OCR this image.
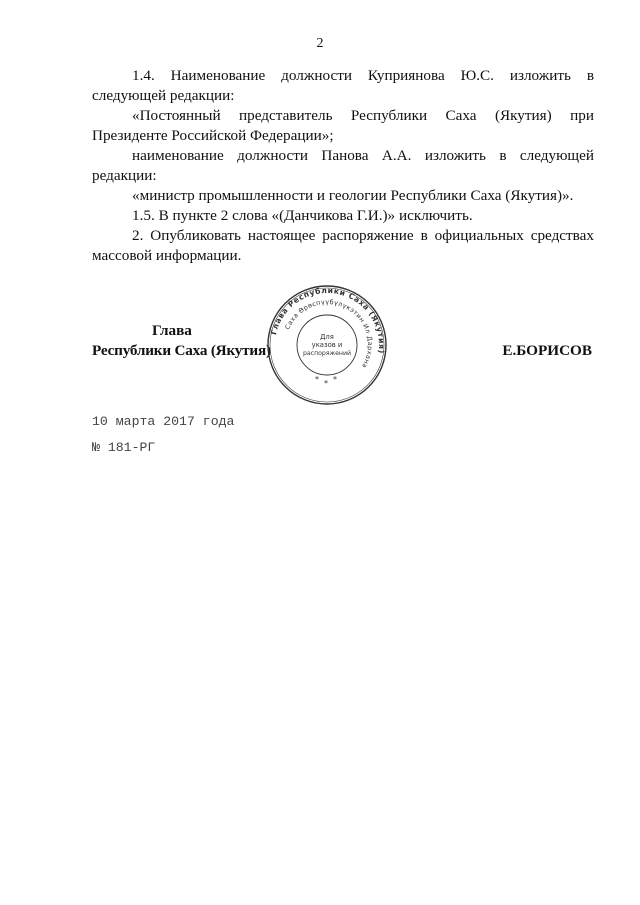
2

1.4. Наименование должности Куприянова Ю.С. изложить в следующей редакции:

«Постоянный представитель Республики Саха (Якутия) при Президенте Российской Федерации»;

наименование должности Панова А.А. изложить в следующей редакции:

«министр промышленности и геологии Республики Саха (Якутия)».

1.5. В пункте 2 слова «(Данчикова Г.И.)» исключить.

2. Опубликовать настоящее распоряжение в официальных средствах массовой информации.

Глава
Республики Саха (Якутия)	Е.БОРИСОВ
Глава Республики Саха (Якутия)
Саха Өрөспүүбүлүкэтин Ил Дарханa
Для
указов и
распоряжений
* * *
10 марта 2017 года
№ 181-РГ
